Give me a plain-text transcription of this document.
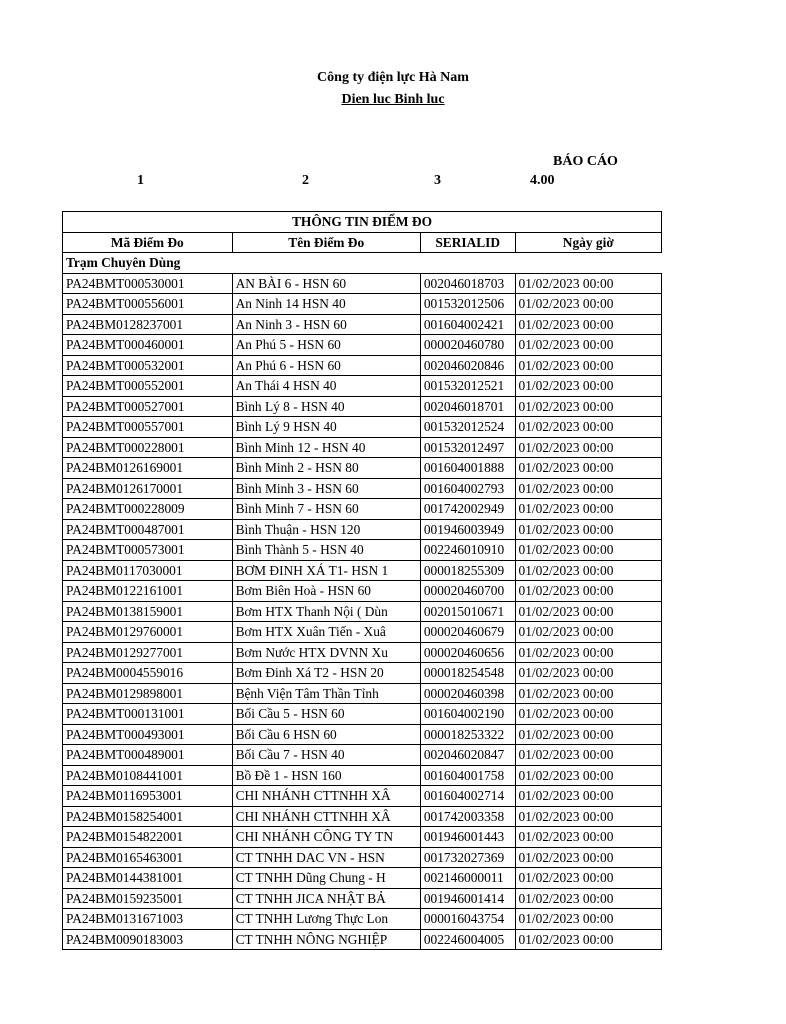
Công ty điện lực Hà Nam
Dien luc Binh luc
BÁO CÁO
1	2	3	4.00
THÔNG TIN ĐIỂM ĐO			
Mã Điểm Đo	Tên Điểm Đo	SERIALID	Ngày giờ
Trạm Chuyên Dùng			
PA24BMT000530001	AN BÀI 6 - HSN 60	002046018703	01/02/2023 00:00
PA24BMT000556001	An Ninh 14 HSN 40	001532012506	01/02/2023 00:00
PA24BM0128237001	An Ninh 3 - HSN 60	001604002421	01/02/2023 00:00
PA24BMT000460001	An Phú 5 - HSN 60	000020460780	01/02/2023 00:00
PA24BMT000532001	An Phú 6 - HSN 60	002046020846	01/02/2023 00:00
PA24BMT000552001	An Thái 4 HSN 40	001532012521	01/02/2023 00:00
PA24BMT000527001	Bình Lý 8 - HSN 40	002046018701	01/02/2023 00:00
PA24BMT000557001	Bình Lý 9 HSN 40	001532012524	01/02/2023 00:00
PA24BMT000228001	Bình Minh 12 - HSN 40	001532012497	01/02/2023 00:00
PA24BM0126169001	Bình Minh 2 - HSN 80	001604001888	01/02/2023 00:00
PA24BM0126170001	Bình Minh 3 - HSN 60	001604002793	01/02/2023 00:00
PA24BMT000228009	Bình Minh 7 - HSN 60	001742002949	01/02/2023 00:00
PA24BMT000487001	Bình Thuận - HSN 120	001946003949	01/02/2023 00:00
PA24BMT000573001	Bình Thành 5 - HSN 40	002246010910	01/02/2023 00:00
PA24BM0117030001	BƠM ĐINH XÁ T1- HSN 1	000018255309	01/02/2023 00:00
PA24BM0122161001	Bơm Biên Hoà - HSN 60	000020460700	01/02/2023 00:00
PA24BM0138159001	Bơm HTX Thanh Nội ( Dùn	002015010671	01/02/2023 00:00
PA24BM0129760001	Bơm HTX Xuân Tiến - Xuâ	000020460679	01/02/2023 00:00
PA24BM0129277001	Bơm Nước HTX DVNN Xu	000020460656	01/02/2023 00:00
PA24BM0004559016	Bơm Đinh Xá T2 - HSN 20	000018254548	01/02/2023 00:00
PA24BM0129898001	Bệnh Viện Tâm Thần Tỉnh	000020460398	01/02/2023 00:00
PA24BMT000131001	Bối Cầu 5 - HSN 60	001604002190	01/02/2023 00:00
PA24BMT000493001	Bối Cầu 6 HSN 60	000018253322	01/02/2023 00:00
PA24BMT000489001	Bối Cầu 7 - HSN 40	002046020847	01/02/2023 00:00
PA24BM0108441001	Bồ Đề 1 - HSN 160	001604001758	01/02/2023 00:00
PA24BM0116953001	CHI NHÁNH CTTNHH XÂ	001604002714	01/02/2023 00:00
PA24BM0158254001	CHI NHÁNH CTTNHH XÂ	001742003358	01/02/2023 00:00
PA24BM0154822001	CHI NHÁNH CÔNG TY TN	001946001443	01/02/2023 00:00
PA24BM0165463001	CT TNHH DAC VN - HSN	001732027369	01/02/2023 00:00
PA24BM0144381001	CT TNHH Dũng Chung - H	002146000011	01/02/2023 00:00
PA24BM0159235001	CT TNHH JICA NHẬT BẢ	001946001414	01/02/2023 00:00
PA24BM0131671003	CT TNHH Lương Thực Lon	000016043754	01/02/2023 00:00
PA24BM0090183003	CT TNHH NÔNG NGHIỆP	002246004005	01/02/2023 00:00
